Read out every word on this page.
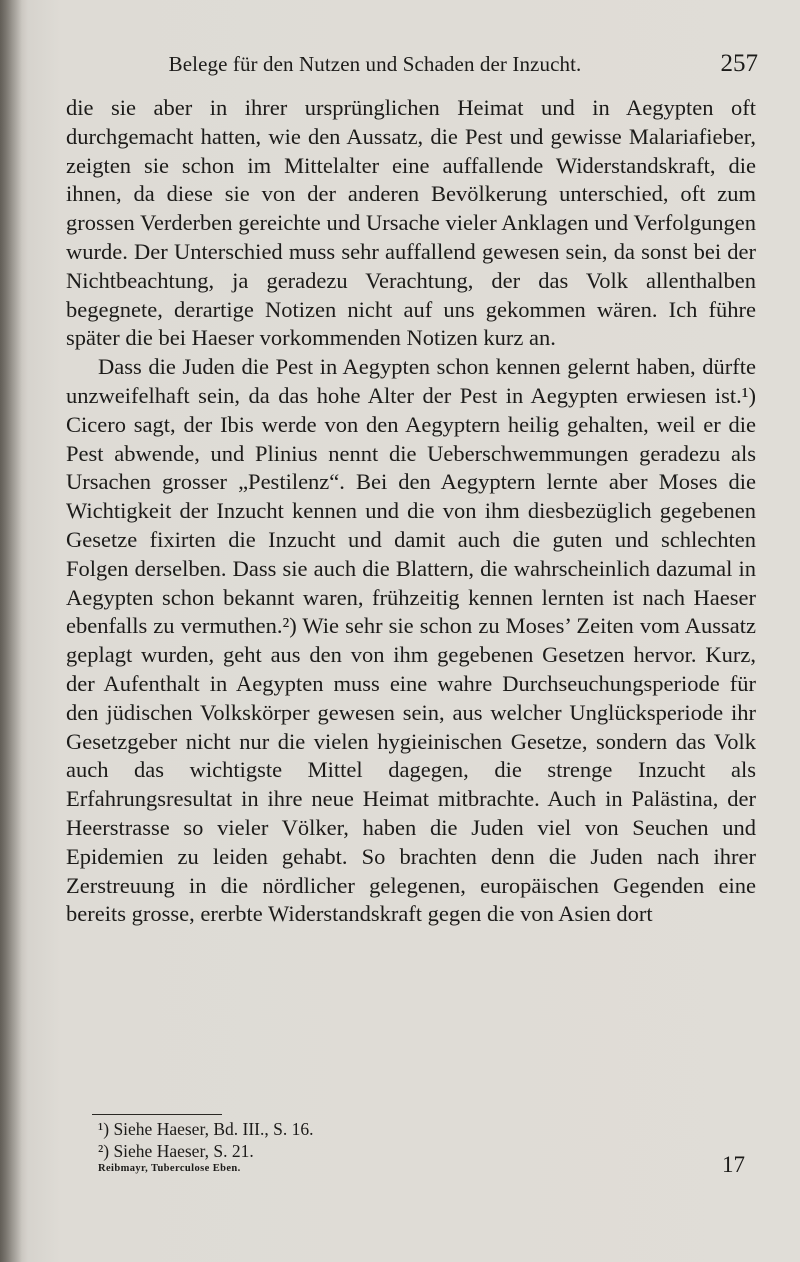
Belege für den Nutzen und Schaden der Inzucht.	257

die sie aber in ihrer ursprünglichen Heimat und in Aegypten oft durchgemacht hatten, wie den Aussatz, die Pest und gewisse Malariafieber, zeigten sie schon im Mittelalter eine auffallende Widerstandskraft, die ihnen, da diese sie von der anderen Bevölkerung unterschied, oft zum grossen Verderben gereichte und Ursache vieler Anklagen und Verfolgungen wurde. Der Unterschied muss sehr auffallend gewesen sein, da sonst bei der Nichtbeachtung, ja geradezu Verachtung, der das Volk allenthalben begegnete, derartige Notizen nicht auf uns gekommen wären. Ich führe später die bei Haeser vorkommenden Notizen kurz an.

Dass die Juden die Pest in Aegypten schon kennen gelernt haben, dürfte unzweifelhaft sein, da das hohe Alter der Pest in Aegypten erwiesen ist.¹) Cicero sagt, der Ibis werde von den Aegyptern heilig gehalten, weil er die Pest abwende, und Plinius nennt die Ueberschwemmungen geradezu als Ursachen grosser „Pestilenz“. Bei den Aegyptern lernte aber Moses die Wichtigkeit der Inzucht kennen und die von ihm diesbezüglich gegebenen Gesetze fixirten die Inzucht und damit auch die guten und schlechten Folgen derselben. Dass sie auch die Blattern, die wahrscheinlich dazumal in Aegypten schon bekannt waren, frühzeitig kennen lernten ist nach Haeser ebenfalls zu vermuthen.²) Wie sehr sie schon zu Moses’ Zeiten vom Aussatz geplagt wurden, geht aus den von ihm gegebenen Gesetzen hervor. Kurz, der Aufenthalt in Aegypten muss eine wahre Durchseuchungsperiode für den jüdischen Volkskörper gewesen sein, aus welcher Unglücksperiode ihr Gesetzgeber nicht nur die vielen hygieinischen Gesetze, sondern das Volk auch das wichtigste Mittel dagegen, die strenge Inzucht als Erfahrungsresultat in ihre neue Heimat mitbrachte. Auch in Palästina, der Heerstrasse so vieler Völker, haben die Juden viel von Seuchen und Epidemien zu leiden gehabt. So brachten denn die Juden nach ihrer Zerstreuung in die nördlicher gelegenen, europäischen Gegenden eine bereits grosse, ererbte Widerstandskraft gegen die von Asien dort

¹) Siehe Haeser, Bd. III., S. 16.
²) Siehe Haeser, S. 21.
Reibmayr, Tuberculose Eben.	17
